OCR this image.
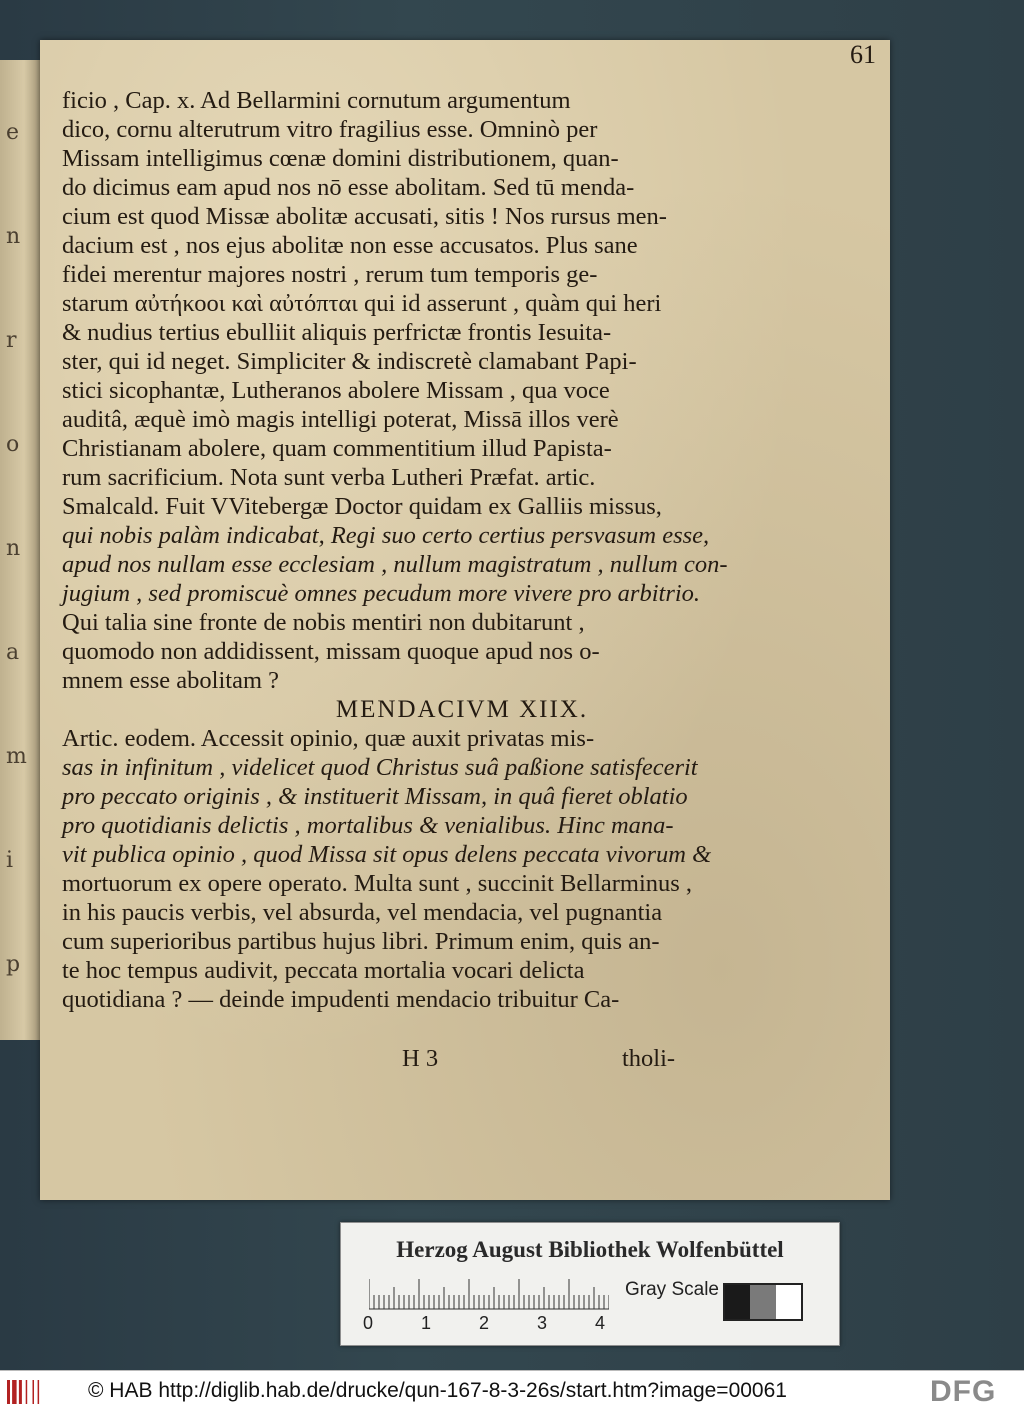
e
n
r
o
n
a
m
i
p
61
ficio , Cap. x. Ad Bellarmini cornutum argumentum
dico, cornu alterutrum vitro fragilius esse. Omninò per
Missam intelligimus cœnæ domini distributionem, quan-
do dicimus eam apud nos nō esse abolitam. Sed tū menda-
cium est quod Missæ abolitæ accusati, sitis ! Nos rursus men-
dacium est , nos ejus abolitæ non esse accusatos. Plus sane
fidei merentur majores nostri , rerum tum temporis ge-
starum αὐτήκοοι καὶ αὐτόπται qui id asserunt , quàm qui heri
& nudius tertius ebulliit aliquis perfrictæ frontis Iesuita-
ster, qui id neget. Simpliciter & indiscretè clamabant Papi-
stici sicophantæ, Lutheranos abolere Missam , qua voce
auditâ, æquè imò magis intelligi poterat, Missā illos verè
Christianam abolere, quam commentitium illud Papista-
rum sacrificium. Nota sunt verba Lutheri Præfat. artic.
Smalcald. Fuit VVitebergæ Doctor quidam ex Galliis missus,
qui nobis palàm indicabat, Regi suo certo certius persvasum esse,
apud nos nullam esse ecclesiam , nullum magistratum , nullum con-
jugium , sed promiscuè omnes pecudum more vivere pro arbitrio.
Qui talia sine fronte de nobis mentiri non dubitarunt ,
quomodo non addidissent, missam quoque apud nos o-
mnem esse abolitam ?
MENDACIVM XIIX.
Artic. eodem. Accessit opinio, quæ auxit privatas mis-
sas in infinitum , videlicet quod Christus suâ paßione satisfecerit
pro peccato originis , & instituerit Missam, in quâ fieret oblatio
pro quotidianis delictis , mortalibus & venialibus. Hinc mana-
vit publica opinio , quod Missa sit opus delens peccata vivorum &
mortuorum ex opere operato. Multa sunt , succinit Bellarminus ,
in his paucis verbis, vel absurda, vel mendacia, vel pugnantia
cum superioribus partibus hujus libri. Primum enim, quis an-
te hoc tempus audivit, peccata mortalia vocari delicta
quotidiana ? — deinde impudenti mendacio tribuitur Ca-
H 3	tholi-
Herzog August Bibliothek Wolfenbüttel
0	1	2	3	4
Gray Scale
© HAB http://diglib.hab.de/drucke/qun-167-8-3-26s/start.htm?image=00061	DFG
